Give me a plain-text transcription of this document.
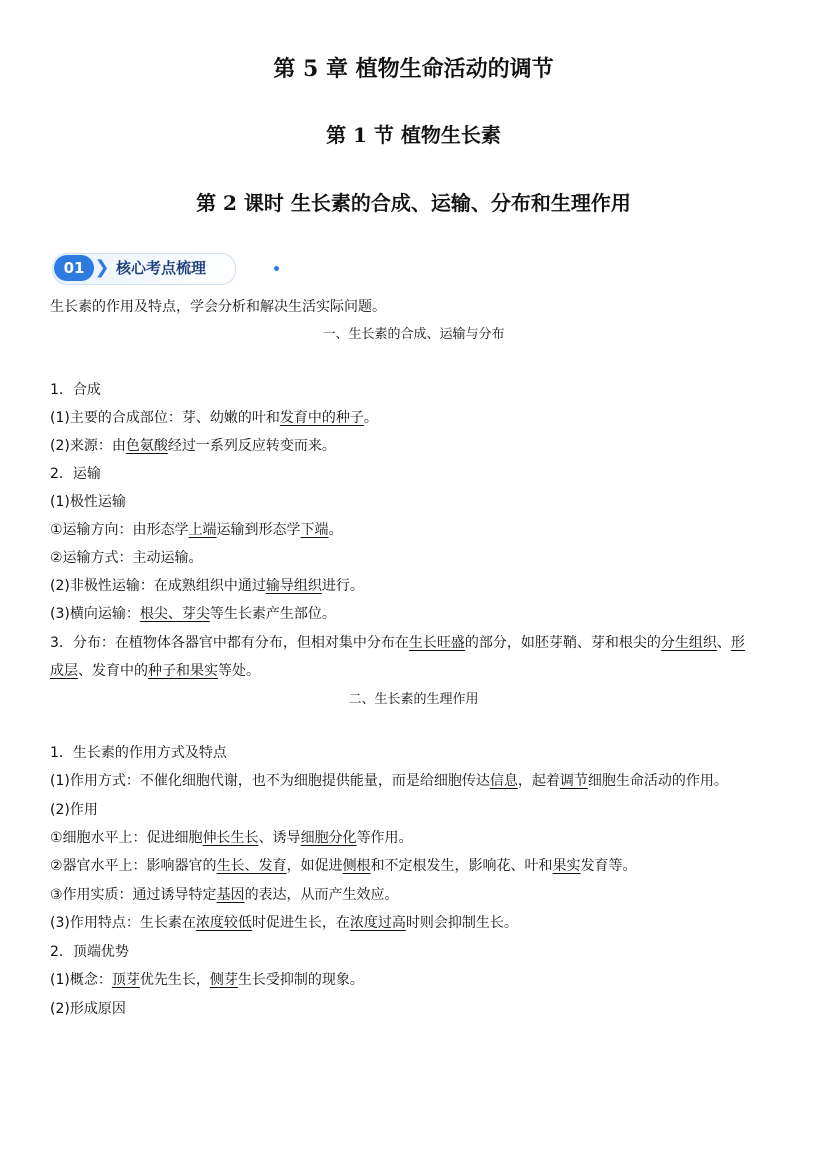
第 5 章 植物生命活动的调节
第 1 节 植物生长素
第 2 课时 生长素的合成、运输、分布和生理作用
01 ❯ 核心考点梳理
生长素的作用及特点，学会分析和解决生活实际问题。
一、生长素的合成、运输与分布
1．合成
(1)主要的合成部位：芽、幼嫩的叶和发育中的种子。
(2)来源：由色氨酸经过一系列反应转变而来。
2．运输
(1)极性运输
①运输方向：由形态学上端运输到形态学下端。
②运输方式：主动运输。
(2)非极性运输：在成熟组织中通过输导组织进行。
(3)横向运输：根尖、芽尖等生长素产生部位。
3．分布：在植物体各器官中都有分布，但相对集中分布在生长旺盛的部分，如胚芽鞘、芽和根尖的分生组织、形
成层、发育中的种子和果实等处。
二、生长素的生理作用
1．生长素的作用方式及特点
(1)作用方式：不催化细胞代谢，也不为细胞提供能量，而是给细胞传达信息，起着调节细胞生命活动的作用。
(2)作用
①细胞水平上：促进细胞伸长生长、诱导细胞分化等作用。
②器官水平上：影响器官的生长、发育，如促进侧根和不定根发生，影响花、叶和果实发育等。
③作用实质：通过诱导特定基因的表达，从而产生效应。
(3)作用特点：生长素在浓度较低时促进生长，在浓度过高时则会抑制生长。
2．顶端优势
(1)概念：顶芽优先生长，侧芽生长受抑制的现象。
(2)形成原因
